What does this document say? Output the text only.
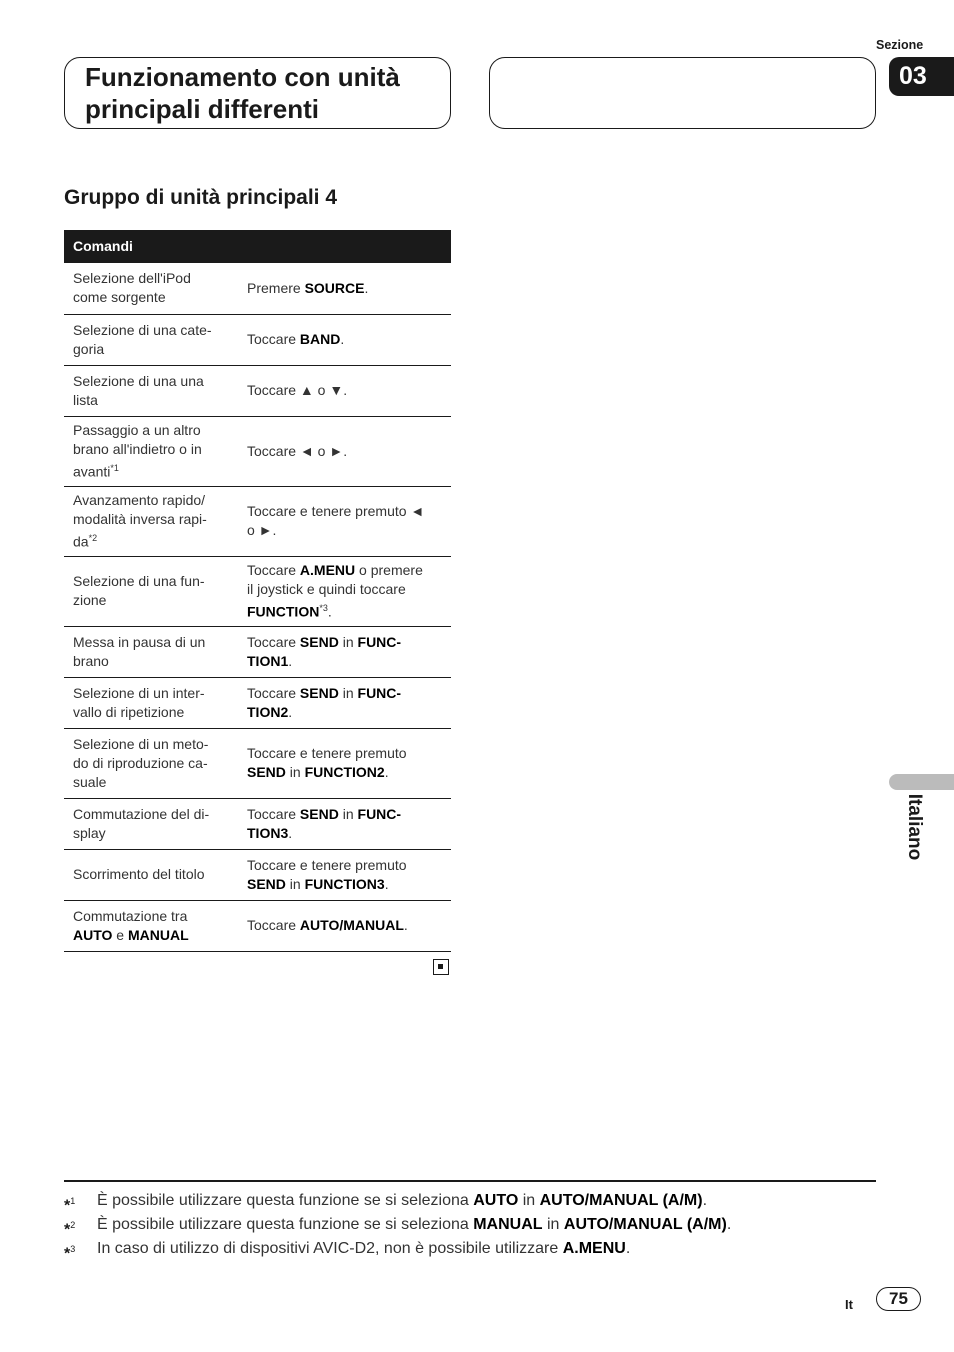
Sezione
03
Funzionamento con unità
principali differenti
Gruppo di unità principali 4
Comandi	
Selezione dell'iPod
come sorgente	Premere SOURCE.
Selezione di una cate-
goria	Toccare BAND.
Selezione di una una
lista	Toccare ▲ o ▼.
Passaggio a un altro
brano all'indietro o in
avanti$^{*1}$	Toccare ◄ o ►.
Avanzamento rapido/
modalità inversa rapi-
$da^{*2}$	Toccare e tenere premuto ◄
o ►.
Selezione di una fun-
zione	Toccare A.MENU o premere
il joystick e quindi toccare
FUNCTION$^{*3}$.
Messa in pausa di un
brano	Toccare SEND in FUNC-
TION1.
Selezione di un inter-
vallo di ripetizione	Toccare SEND in FUNC-
TION2.
Selezione di un meto-
do di riproduzione ca-
suale	Toccare e tenere premuto
SEND in FUNCTION2.
Commutazione del di-
splay	Toccare SEND in FUNC-
TION3.
Scorrimento del titolo	Toccare e tenere premuto
SEND in FUNCTION3.
Commutazione tra
AUTO e MANUAL	Toccare AUTO/MANUAL.
Italiano
*$^1$ È possibile utilizzare questa funzione se si seleziona AUTO in AUTO/MANUAL (A/M).
*$^2$ È possibile utilizzare questa funzione se si seleziona MANUAL in AUTO/MANUAL (A/M).
*$^3$ In caso di utilizzo di dispositivi AVIC-D2, non è possibile utilizzare A.MENU.
It	75
